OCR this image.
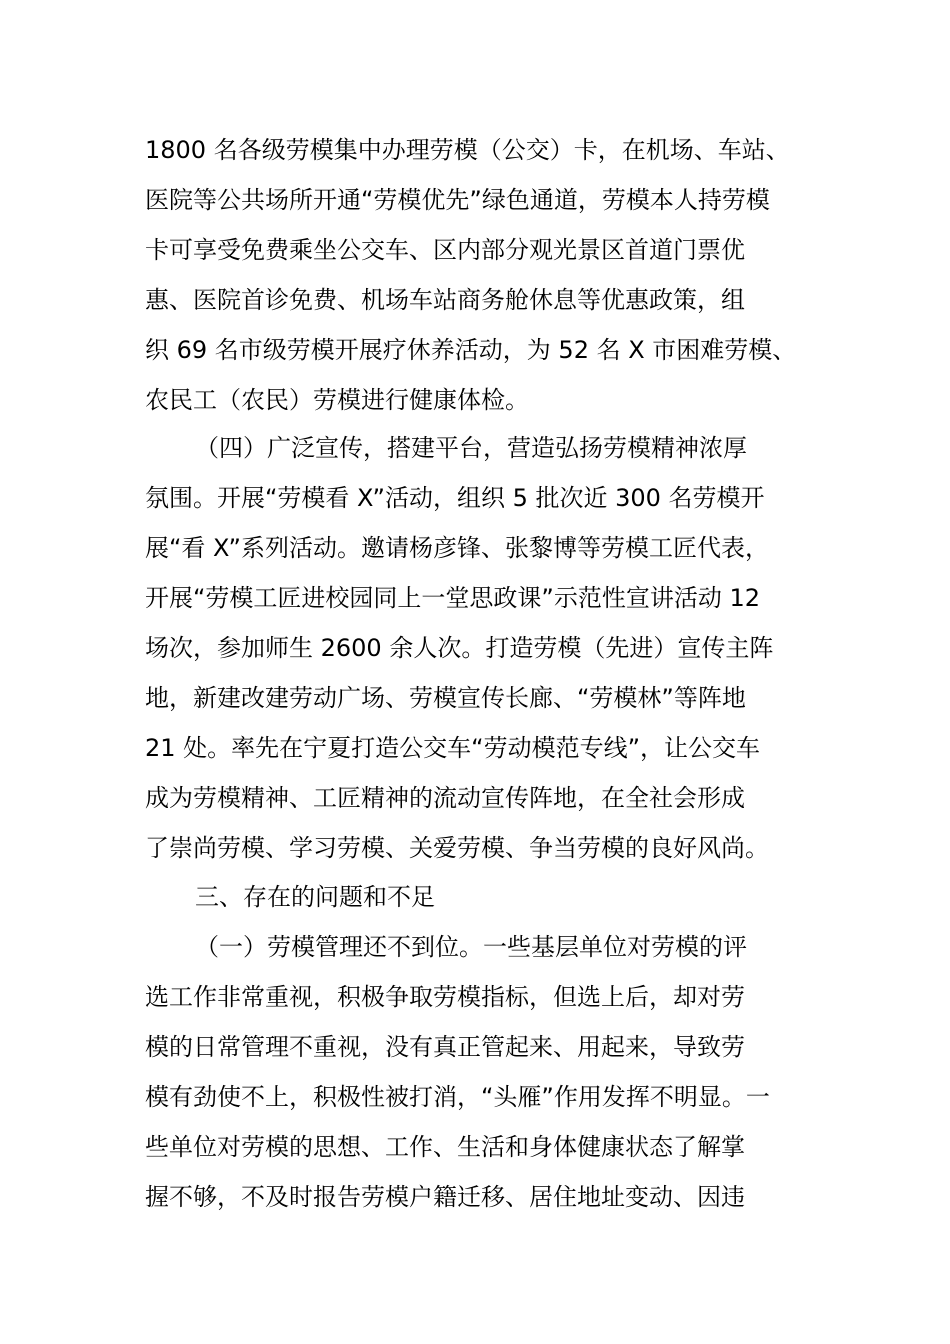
1800 名各级劳模集中办理劳模（公交）卡，在机场、车站、
医院等公共场所开通“劳模优先”绿色通道，劳模本人持劳模
卡可享受免费乘坐公交车、区内部分观光景区首道门票优
惠、医院首诊免费、机场车站商务舱休息等优惠政策，组
织 69 名市级劳模开展疗休养活动，为 52 名 X 市困难劳模、
农民工（农民）劳模进行健康体检。
（四）广泛宣传，搭建平台，营造弘扬劳模精神浓厚
氛围。开展“劳模看 X”活动，组织 5 批次近 300 名劳模开
展“看 X”系列活动。邀请杨彦锋、张黎博等劳模工匠代表，
开展“劳模工匠进校园同上一堂思政课”示范性宣讲活动 12
场次，参加师生 2600 余人次。打造劳模（先进）宣传主阵
地，新建改建劳动广场、劳模宣传长廊、“劳模林”等阵地
21 处。率先在宁夏打造公交车“劳动模范专线”，让公交车
成为劳模精神、工匠精神的流动宣传阵地，在全社会形成
了崇尚劳模、学习劳模、关爱劳模、争当劳模的良好风尚。
三、存在的问题和不足
（一）劳模管理还不到位。一些基层单位对劳模的评
选工作非常重视，积极争取劳模指标，但选上后，却对劳
模的日常管理不重视，没有真正管起来、用起来，导致劳
模有劲使不上，积极性被打消，“头雁”作用发挥不明显。一
些单位对劳模的思想、工作、生活和身体健康状态了解掌
握不够，不及时报告劳模户籍迁移、居住地址变动、因违
